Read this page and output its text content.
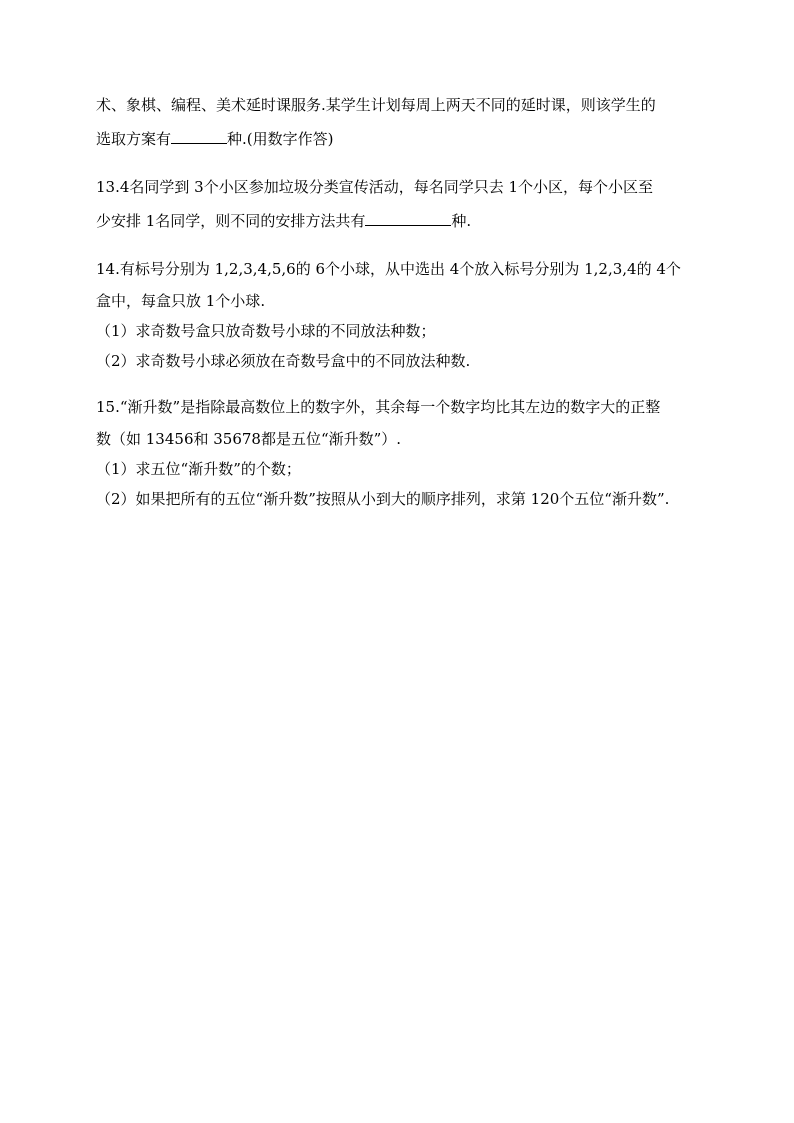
术、象棋、编程、美术延时课服务.某学生计划每周上两天不同的延时课，则该学生的
选取方案有	种.(用数字作答)
13.4名同学到 3个小区参加垃圾分类宣传活动，每名同学只去 1个小区，每个小区至
少安排 1名同学，则不同的安排方法共有	种.
14.有标号分别为 1,2,3,4,5,6的 6个小球，从中选出 4个放入标号分别为 1,2,3,4的 4个
盒中，每盒只放 1个小球.
（1）求奇数号盒只放奇数号小球的不同放法种数；
（2）求奇数号小球必须放在奇数号盒中的不同放法种数.
15.“渐升数”是指除最高数位上的数字外，其余每一个数字均比其左边的数字大的正整
数（如 13456和 35678都是五位“渐升数”）.
（1）求五位“渐升数”的个数；
（2）如果把所有的五位“渐升数”按照从小到大的顺序排列，求第 120个五位“渐升数”.
